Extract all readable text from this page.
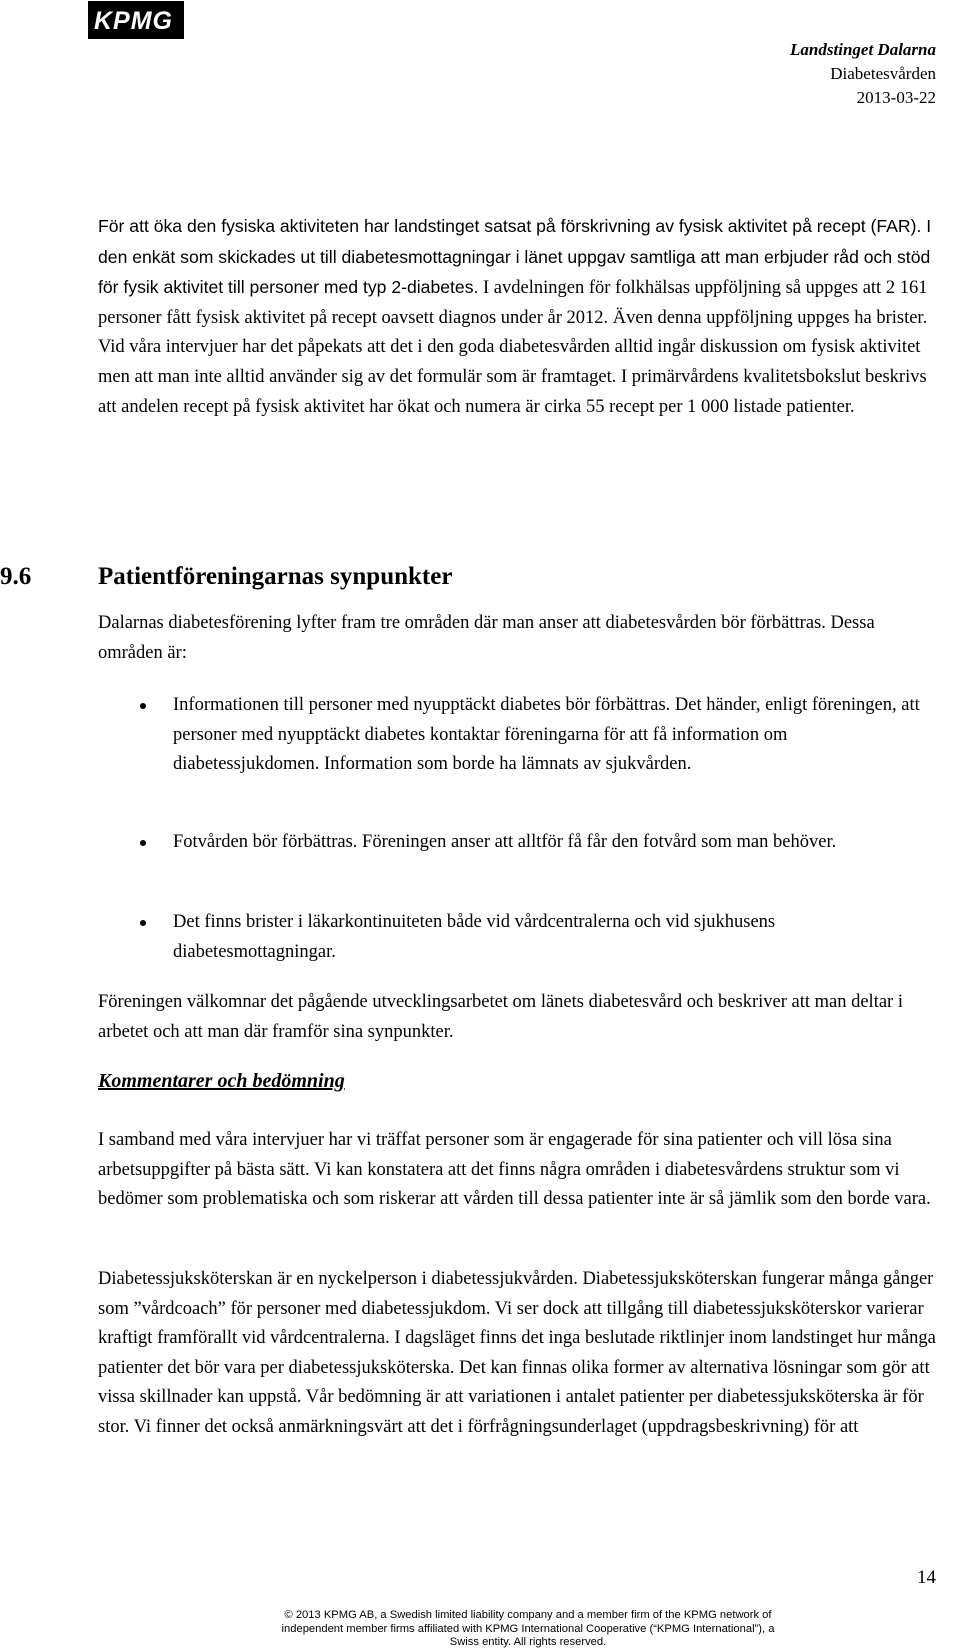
KPMG
Landstinget Dalarna
Diabetesvården
2013-03-22

För att öka den fysiska aktiviteten har landstinget satsat på förskrivning av fysisk aktivitet på recept (FAR). I den enkät som skickades ut till diabetesmottagningar i länet uppgav samtliga att man erbjuder råd och stöd för fysik aktivitet till personer med typ 2-diabetes. I avdelningen för folkhälsas uppföljning så uppges att 2 161 personer fått fysisk aktivitet på recept oavsett diagnos under år 2012. Även denna uppföljning uppges ha brister. Vid våra intervjuer har det påpekats att det i den goda diabetesvården alltid ingår diskussion om fysisk aktivitet men att man inte alltid använder sig av det formulär som är framtaget. I primärvårdens kvalitetsbokslut beskrivs att andelen recept på fysisk aktivitet har ökat och numera är cirka 55 recept per 1 000 listade patienter.

9.6	Patientföreningarnas synpunkter

Dalarnas diabetesförening lyfter fram tre områden där man anser att diabetesvården bör förbättras. Dessa områden är:

Informationen till personer med nyupptäckt diabetes bör förbättras. Det händer, enligt föreningen, att personer med nyupptäckt diabetes kontaktar föreningarna för att få information om diabetessjukdomen. Information som borde ha lämnats av sjukvården.

Fotvården bör förbättras. Föreningen anser att alltför få får den fotvård som man behöver.

Det finns brister i läkarkontinuiteten både vid vårdcentralerna och vid sjukhusens diabetesmottagningar.

Föreningen välkomnar det pågående utvecklingsarbetet om länets diabetesvård och beskriver att man deltar i arbetet och att man där framför sina synpunkter.

Kommentarer och bedömning

I samband med våra intervjuer har vi träffat personer som är engagerade för sina patienter och vill lösa sina arbetsuppgifter på bästa sätt. Vi kan konstatera att det finns några områden i diabetesvårdens struktur som vi bedömer som problematiska och som riskerar att vården till dessa patienter inte är så jämlik som den borde vara.

Diabetessjuksköterskan är en nyckelperson i diabetessjukvården. Diabetessjuksköterskan fungerar många gånger som ”vårdcoach” för personer med diabetessjukdom. Vi ser dock att tillgång till diabetessjuksköterskor varierar kraftigt framförallt vid vårdcentralerna. I dagsläget finns det inga beslutade riktlinjer inom landstinget hur många patienter det bör vara per diabetessjuksköterska. Det kan finnas olika former av alternativa lösningar som gör att vissa skillnader kan uppstå. Vår bedömning är att variationen i antalet patienter per diabetessjuksköterska är för stor. Vi finner det också anmärkningsvärt att det i förfrågningsunderlaget (uppdragsbeskrivning) för att

14
© 2013 KPMG AB, a Swedish limited liability company and a member firm of the KPMG network of independent member firms affiliated with KPMG International Cooperative (“KPMG International”), a Swiss entity. All rights reserved.
